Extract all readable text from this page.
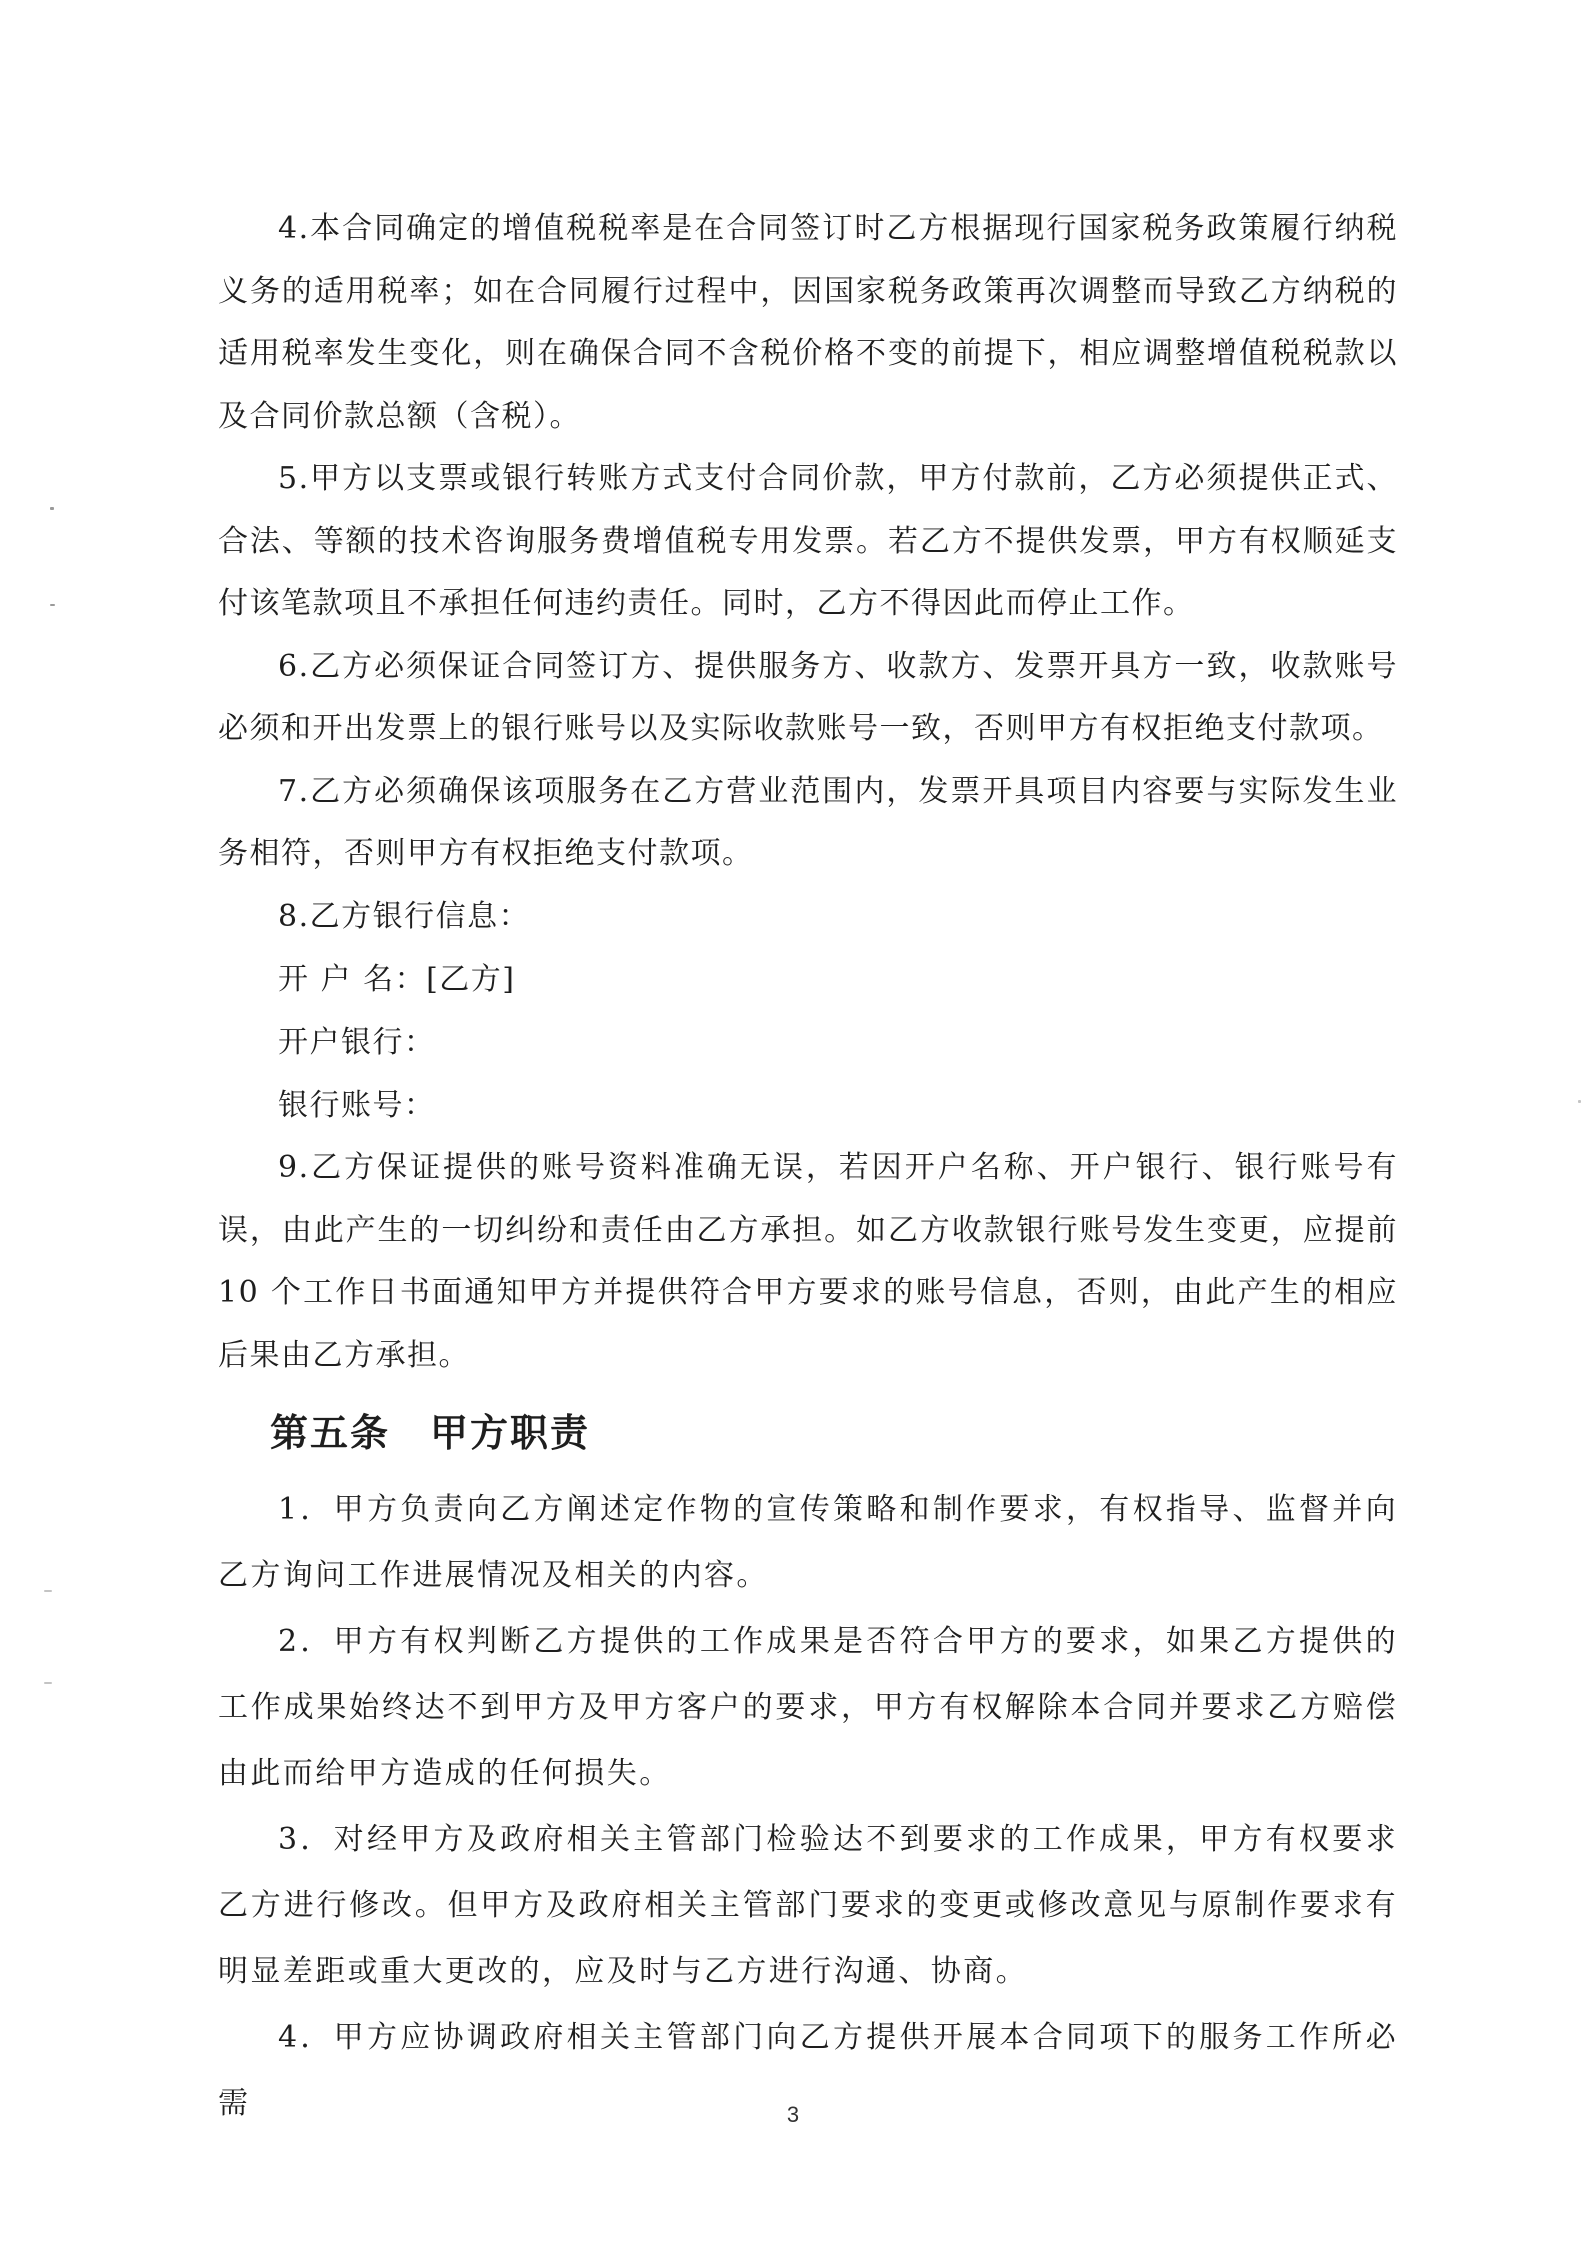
4.本合同确定的增值税税率是在合同签订时乙方根据现行国家税务政策履行纳税义务的适用税率；如在合同履行过程中，因国家税务政策再次调整而导致乙方纳税的适用税率发生变化，则在确保合同不含税价格不变的前提下，相应调整增值税税款以及合同价款总额（含税）。

5.甲方以支票或银行转账方式支付合同价款，甲方付款前，乙方必须提供正式、合法、等额的技术咨询服务费增值税专用发票。若乙方不提供发票，甲方有权顺延支付该笔款项且不承担任何违约责任。同时，乙方不得因此而停止工作。

6.乙方必须保证合同签订方、提供服务方、收款方、发票开具方一致，收款账号必须和开出发票上的银行账号以及实际收款账号一致，否则甲方有权拒绝支付款项。

7.乙方必须确保该项服务在乙方营业范围内，发票开具项目内容要与实际发生业务相符，否则甲方有权拒绝支付款项。

8.乙方银行信息：

开 户 名：[乙方]

开户银行：

银行账号：

9.乙方保证提供的账号资料准确无误，若因开户名称、开户银行、银行账号有误，由此产生的一切纠纷和责任由乙方承担。如乙方收款银行账号发生变更，应提前 10 个工作日书面通知甲方并提供符合甲方要求的账号信息，否则，由此产生的相应后果由乙方承担。

第五条　甲方职责

1．甲方负责向乙方阐述定作物的宣传策略和制作要求，有权指导、监督并向乙方询问工作进展情况及相关的内容。

2．甲方有权判断乙方提供的工作成果是否符合甲方的要求，如果乙方提供的工作成果始终达不到甲方及甲方客户的要求，甲方有权解除本合同并要求乙方赔偿由此而给甲方造成的任何损失。

3．对经甲方及政府相关主管部门检验达不到要求的工作成果，甲方有权要求乙方进行修改。但甲方及政府相关主管部门要求的变更或修改意见与原制作要求有明显差距或重大更改的，应及时与乙方进行沟通、协商。

4．甲方应协调政府相关主管部门向乙方提供开展本合同项下的服务工作所必需	3
